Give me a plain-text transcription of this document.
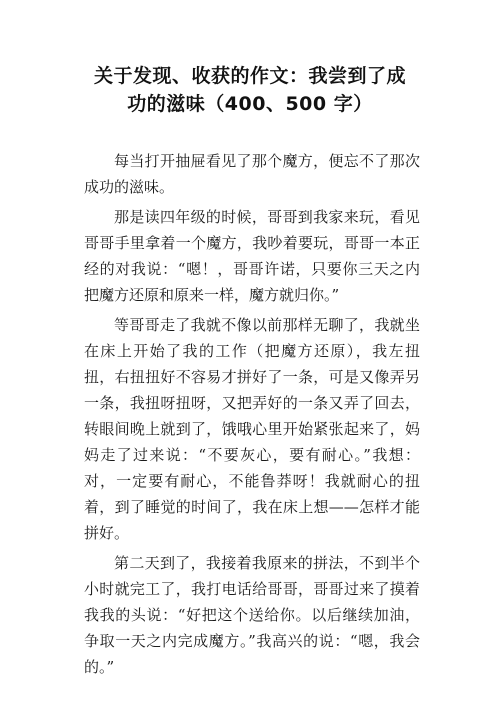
关于发现、收获的作文：我尝到了成
功的滋味（400、500 字）

每当打开抽屉看见了那个魔方，便忘不了那次成功的滋味。

那是读四年级的时候，哥哥到我家来玩，看见哥哥手里拿着一个魔方，我吵着要玩，哥哥一本正经的对我说：“嗯！，哥哥许诺，只要你三天之内把魔方还原和原来一样，魔方就归你。”

等哥哥走了我就不像以前那样无聊了，我就坐在床上开始了我的工作（把魔方还原），我左扭扭，右扭扭好不容易才拼好了一条，可是又像弄另一条，我扭呀扭呀，又把弄好的一条又弄了回去，转眼间晚上就到了，饿哦心里开始紧张起来了，妈妈走了过来说：“不要灰心，要有耐心。”我想：对，一定要有耐心，不能鲁莽呀！我就耐心的扭着，到了睡觉的时间了，我在床上想——怎样才能拼好。

第二天到了，我接着我原来的拼法，不到半个小时就完工了，我打电话给哥哥，哥哥过来了摸着我我的头说：“好把这个送给你。以后继续加油，争取一天之内完成魔方。”我高兴的说：“嗯，我会的。”
